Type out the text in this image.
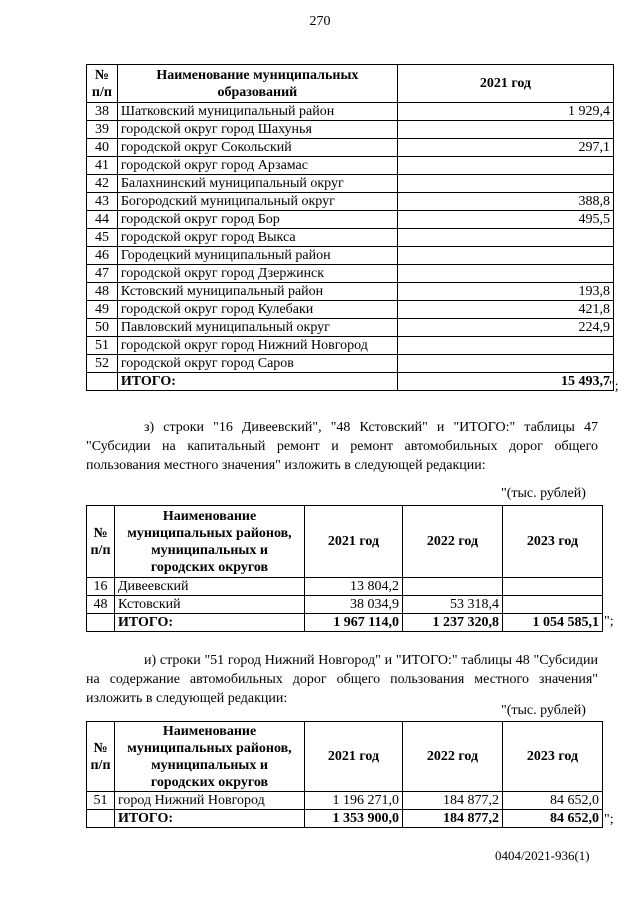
270
№ п/п	Наименование муниципальных образований	2021 год
38	Шатковский муниципальный район	1 929,4
39	городской округ город Шахунья	
40	городской округ Сокольский	297,1
41	городской округ город Арзамас	
42	Балахнинский муниципальный округ	
43	Богородский муниципальный округ	388,8
44	городской округ город Бор	495,5
45	городской округ город Выкса	
46	Городецкий муниципальный район	
47	городской округ город Дзержинск	
48	Кстовский муниципальный район	193,8
49	городской округ город Кулебаки	421,8
50	Павловский муниципальный округ	224,9
51	городской округ город Нижний Новгород	
52	городской округ город Саров	
	ИТОГО:	15 493,7 ";
з) строки "16 Дивеевский", "48 Кстовский" и "ИТОГО:" таблицы 47 "Субсидии на капитальный ремонт и ремонт автомобильных дорог общего пользования местного значения" изложить в следующей редакции:
"(тыс. рублей)
№ п/п	Наименование муниципальных районов, муниципальных и городских округов	2021 год	2022 год	2023 год
16	Дивеевский	13 804,2		
48	Кстовский	38 034,9	53 318,4	
	ИТОГО:	1 967 114,0	1 237 320,8	1 054 585,1 ";
и) строки "51 город Нижний Новгород" и "ИТОГО:" таблицы 48 "Субсидии на содержание автомобильных дорог общего пользования местного значения" изложить в следующей редакции:
"(тыс. рублей)
№ п/п	Наименование муниципальных районов, муниципальных и городских округов	2021 год	2022 год	2023 год
51	город Нижний Новгород	1 196 271,0	184 877,2	84 652,0
	ИТОГО:	1 353 900,0	184 877,2	84 652,0 ";
0404/2021-936(1)
